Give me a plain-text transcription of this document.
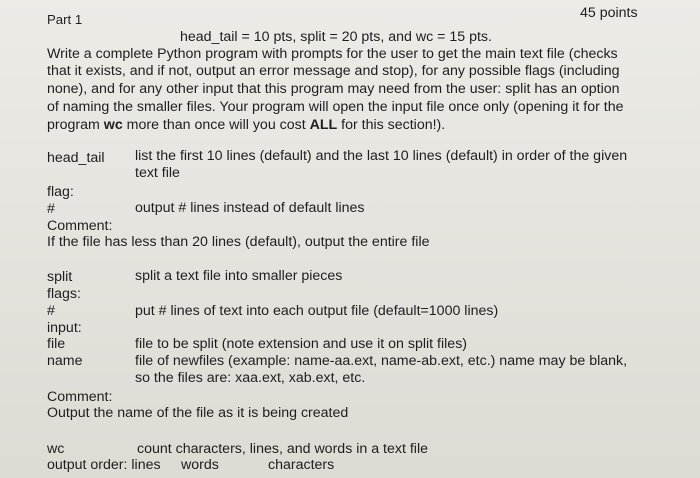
Part 1	45 points
head_tail = 10 pts, split = 20 pts, and wc = 15 pts.
Write a complete Python program with prompts for the user to get the main text file (checks
that it exists, and if not, output an error message and stop), for any possible flags (including
none), and for any other input that this program may need from the user: split has an option
of naming the smaller files. Your program will open the input file once only (opening it for the
program wc more than once will you cost ALL for this section!).
head_tail list the first 10 lines (default) and the last 10 lines (default) in order of the given
text file
flag:
#	output # lines instead of default lines
Comment:
If the file has less than 20 lines (default), output the entire file
split	split a text file into smaller pieces
flags:
#	put # lines of text into each output file (default=1000 lines)
input:
file	file to be split (note extension and use it on split files)
name	file of newfiles (example: name-aa.ext, name-ab.ext, etc.) name may be blank,
so the files are: xaa.ext, xab.ext, etc.
Comment:
Output the name of the file as it is being created
wc	count characters, lines, and words in a text file
output order: lines words	characters
